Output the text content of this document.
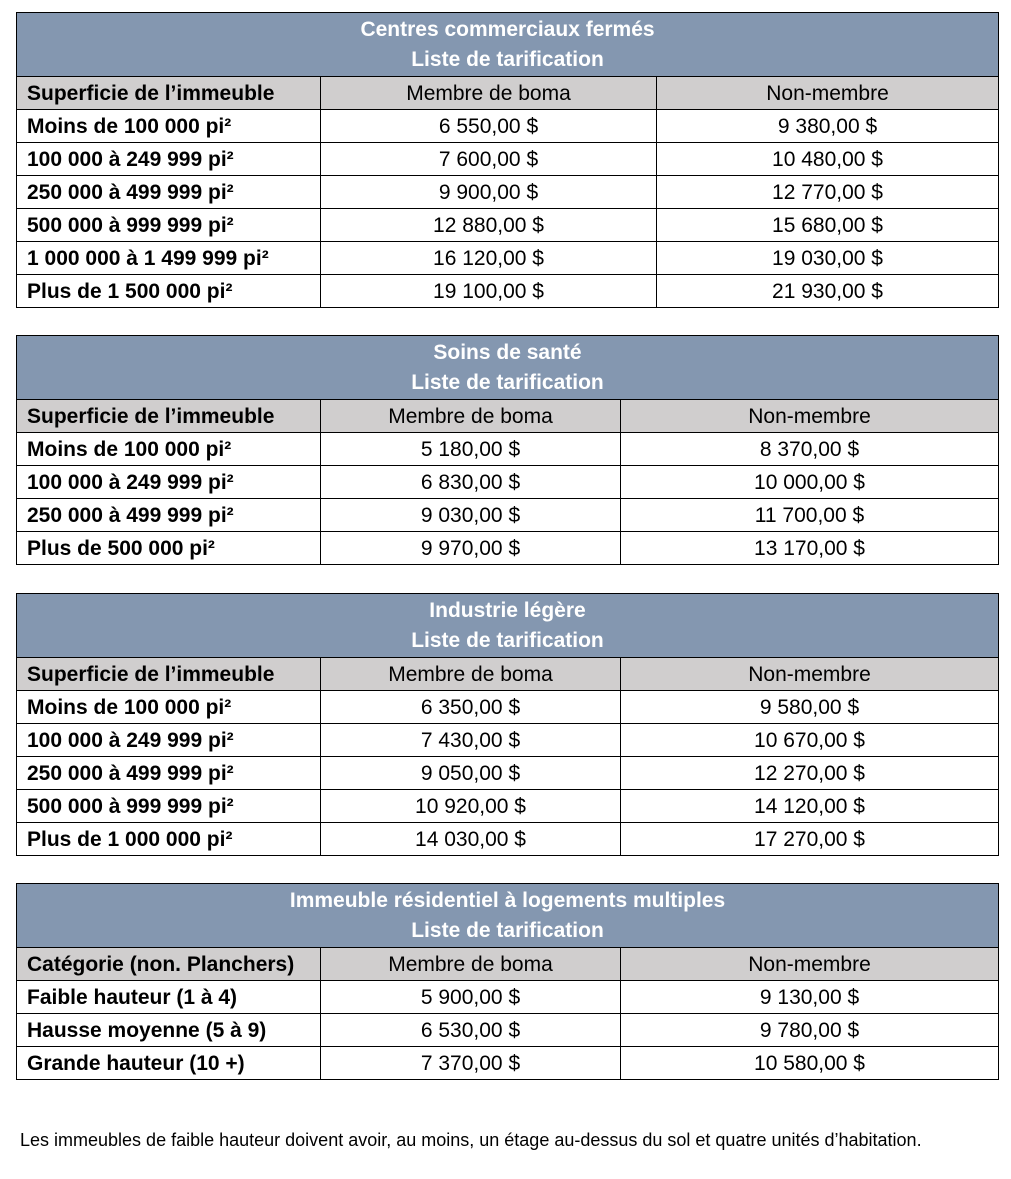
Centres commerciaux fermés
Liste de tarification		

Superficie de l’immeuble	Membre de boma	Non-membre
Moins de 100 000 pi²	6 550,00 $	9 380,00 $
100 000 à 249 999 pi²	7 600,00 $	10 480,00 $
250 000 à 499 999 pi²	9 900,00 $	12 770,00 $
500 000 à 999 999 pi²	12 880,00 $	15 680,00 $
1 000 000 à 1 499 999 pi²	16 120,00 $	19 030,00 $
Plus de 1 500 000 pi²	19 100,00 $	21 930,00 $
Soins de santé
Liste de tarification		

Superficie de l’immeuble	Membre de boma	Non-membre
Moins de 100 000 pi²	5 180,00 $	8 370,00 $
100 000 à 249 999 pi²	6 830,00 $	10 000,00 $
250 000 à 499 999 pi²	9 030,00 $	11 700,00 $
Plus de 500 000 pi²	9 970,00 $	13 170,00 $
Industrie légère
Liste de tarification		

Superficie de l’immeuble	Membre de boma	Non-membre
Moins de 100 000 pi²	6 350,00 $	9 580,00 $
100 000 à 249 999 pi²	7 430,00 $	10 670,00 $
250 000 à 499 999 pi²	9 050,00 $	12 270,00 $
500 000 à 999 999 pi²	10 920,00 $	14 120,00 $
Plus de 1 000 000 pi²	14 030,00 $	17 270,00 $
Immeuble résidentiel à logements multiples
Liste de tarification		

Catégorie (non. Planchers)	Membre de boma	Non-membre
Faible hauteur (1 à 4)	5 900,00 $	9 130,00 $
Hausse moyenne (5 à 9)	6 530,00 $	9 780,00 $
Grande hauteur (10 +)	7 370,00 $	10 580,00 $

Les immeubles de faible hauteur doivent avoir, au moins, un étage au-dessus du sol et quatre unités d’habitation.
